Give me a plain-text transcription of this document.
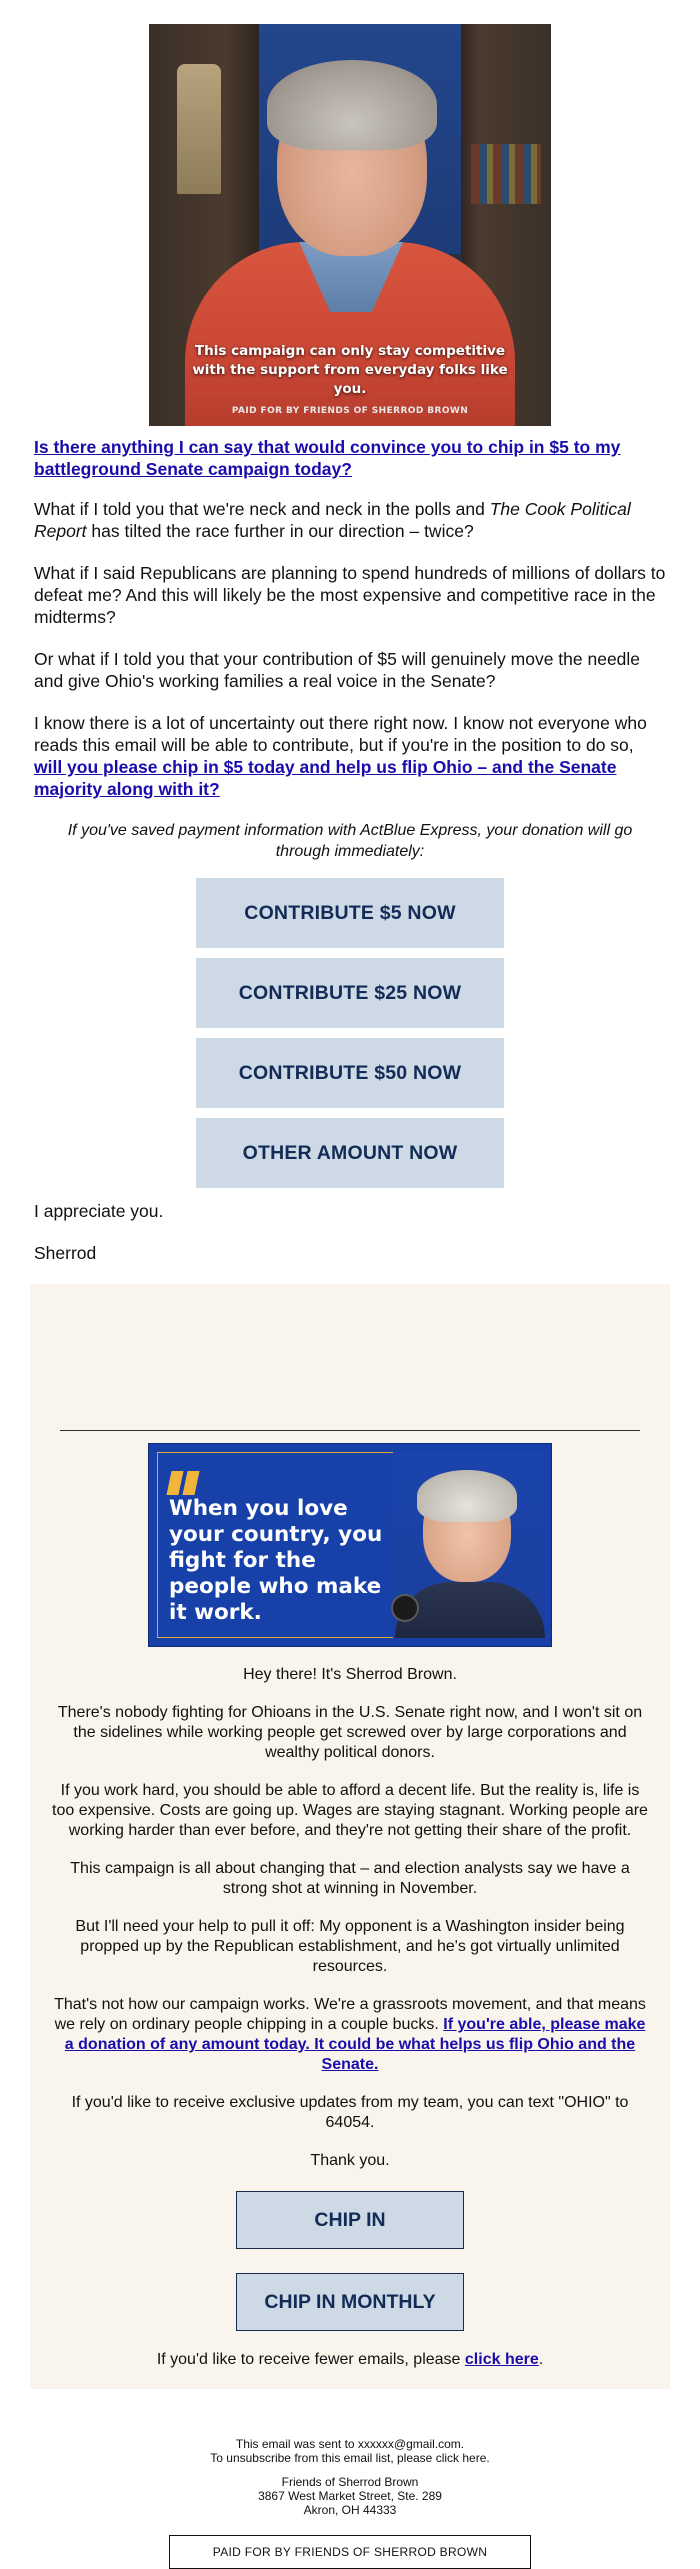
This campaign can only stay competitive with the support from everyday folks like you.
PAID FOR BY FRIENDS OF SHERROD BROWN

Is there anything I can say that would convince you to chip in $5 to my battleground Senate campaign today?

What if I told you that we're neck and neck in the polls and The Cook Political Report has tilted the race further in our direction – twice?

What if I said Republicans are planning to spend hundreds of millions of dollars to defeat me? And this will likely be the most expensive and competitive race in the midterms?

Or what if I told you that your contribution of $5 will genuinely move the needle and give Ohio's working families a real voice in the Senate?

I know there is a lot of uncertainty out there right now. I know not everyone who reads this email will be able to contribute, but if you're in the position to do so, will you please chip in $5 today and help us flip Ohio – and the Senate majority along with it?

If you've saved payment information with ActBlue Express, your donation will go through immediately:
CONTRIBUTE $5 NOW
CONTRIBUTE $25 NOW
CONTRIBUTE $50 NOW
OTHER AMOUNT NOW

I appreciate you.

Sherrod

When you love your country, you fight for the people who make it work.

Hey there! It's Sherrod Brown.

There's nobody fighting for Ohioans in the U.S. Senate right now, and I won't sit on the sidelines while working people get screwed over by large corporations and wealthy political donors.

If you work hard, you should be able to afford a decent life. But the reality is, life is too expensive. Costs are going up. Wages are staying stagnant. Working people are working harder than ever before, and they're not getting their share of the profit.

This campaign is all about changing that – and election analysts say we have a strong shot at winning in November.

But I'll need your help to pull it off: My opponent is a Washington insider being propped up by the Republican establishment, and he's got virtually unlimited resources.

That's not how our campaign works. We're a grassroots movement, and that means we rely on ordinary people chipping in a couple bucks. If you're able, please make a donation of any amount today. It could be what helps us flip Ohio and the Senate.

If you'd like to receive exclusive updates from my team, you can text "OHIO" to 64054.

Thank you.

CHIP IN
CHIP IN MONTHLY
If you'd like to receive fewer emails, please click here.

This email was sent to xxxxxx@gmail.com.
To unsubscribe from this email list, please click here.

Friends of Sherrod Brown
3867 West Market Street, Ste. 289
Akron, OH 44333

PAID FOR BY FRIENDS OF SHERROD BROWN
